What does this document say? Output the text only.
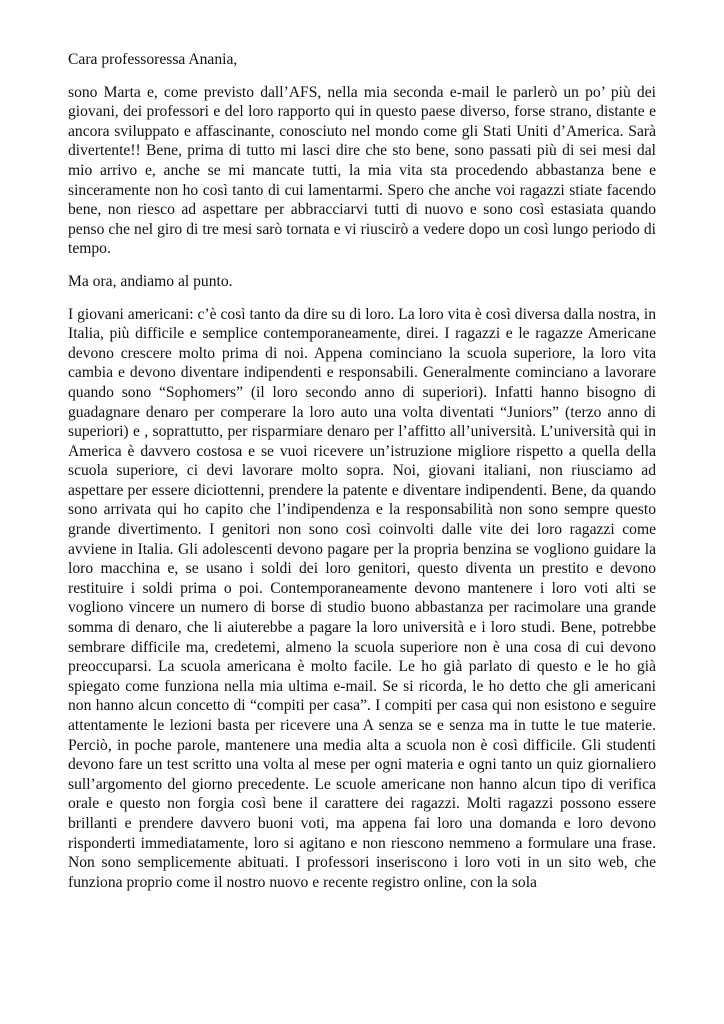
Cara professoressa Anania,

sono Marta e, come previsto dall’AFS, nella mia seconda e-mail le parlerò un po’ più dei giovani, dei professori e del loro rapporto qui in questo paese diverso, forse strano, distante e ancora sviluppato e affascinante, conosciuto nel mondo come gli Stati Uniti d’America. Sarà divertente!! Bene, prima di tutto mi lasci dire che sto bene, sono passati più di sei mesi dal mio arrivo e, anche se mi mancate tutti, la mia vita sta procedendo abbastanza bene e sinceramente non ho così tanto di cui lamentarmi. Spero che anche voi ragazzi stiate facendo bene, non riesco ad aspettare per abbracciarvi tutti di nuovo e sono così estasiata quando penso che nel giro di tre mesi sarò tornata e vi riuscirò a vedere dopo un così lungo periodo di tempo.

Ma ora, andiamo al punto.

I giovani americani: c’è così tanto da dire su di loro. La loro vita è così diversa dalla nostra, in Italia, più difficile e semplice contemporaneamente, direi. I ragazzi e le ragazze Americane devono crescere molto prima di noi. Appena cominciano la scuola superiore, la loro vita cambia e devono diventare indipendenti e responsabili. Generalmente cominciano a lavorare quando sono “Sophomers” (il loro secondo anno di superiori). Infatti hanno bisogno di guadagnare denaro per comperare la loro auto una volta diventati “Juniors” (terzo anno di superiori) e , soprattutto, per risparmiare denaro per l’affitto all’università. L’università qui in America è davvero costosa e se vuoi ricevere un’istruzione migliore rispetto a quella della scuola superiore, ci devi lavorare molto sopra. Noi, giovani italiani, non riusciamo ad aspettare per essere diciottenni, prendere la patente e diventare indipendenti. Bene, da quando sono arrivata qui ho capito che l’indipendenza e la responsabilità non sono sempre questo grande divertimento. I genitori non sono così coinvolti dalle vite dei loro ragazzi come avviene in Italia. Gli adolescenti devono pagare per la propria benzina se vogliono guidare la loro macchina e, se usano i soldi dei loro genitori, questo diventa un prestito e devono restituire i soldi prima o poi. Contemporaneamente devono mantenere i loro voti alti se vogliono vincere un numero di borse di studio buono abbastanza per racimolare una grande somma di denaro, che li aiuterebbe a pagare la loro università e i loro studi. Bene, potrebbe sembrare difficile ma, credetemi, almeno la scuola superiore non è una cosa di cui devono preoccuparsi. La scuola americana è molto facile. Le ho già parlato di questo e le ho già spiegato come funziona nella mia ultima e-mail. Se si ricorda, le ho detto che gli americani non hanno alcun concetto di “compiti per casa”. I compiti per casa qui non esistono e seguire attentamente le lezioni basta per ricevere una A senza se e senza ma in tutte le tue materie. Perciò, in poche parole, mantenere una media alta a scuola non è così difficile. Gli studenti devono fare un test scritto una volta al mese per ogni materia e ogni tanto un quiz giornaliero sull’argomento del giorno precedente. Le scuole americane non hanno alcun tipo di verifica orale e questo non forgia così bene il carattere dei ragazzi. Molti ragazzi possono essere brillanti e prendere davvero buoni voti, ma appena fai loro una domanda e loro devono risponderti immediatamente, loro si agitano e non riescono nemmeno a formulare una frase. Non sono semplicemente abituati. I professori inseriscono i loro voti in un sito web, che funziona proprio come il nostro nuovo e recente registro online, con la sola
